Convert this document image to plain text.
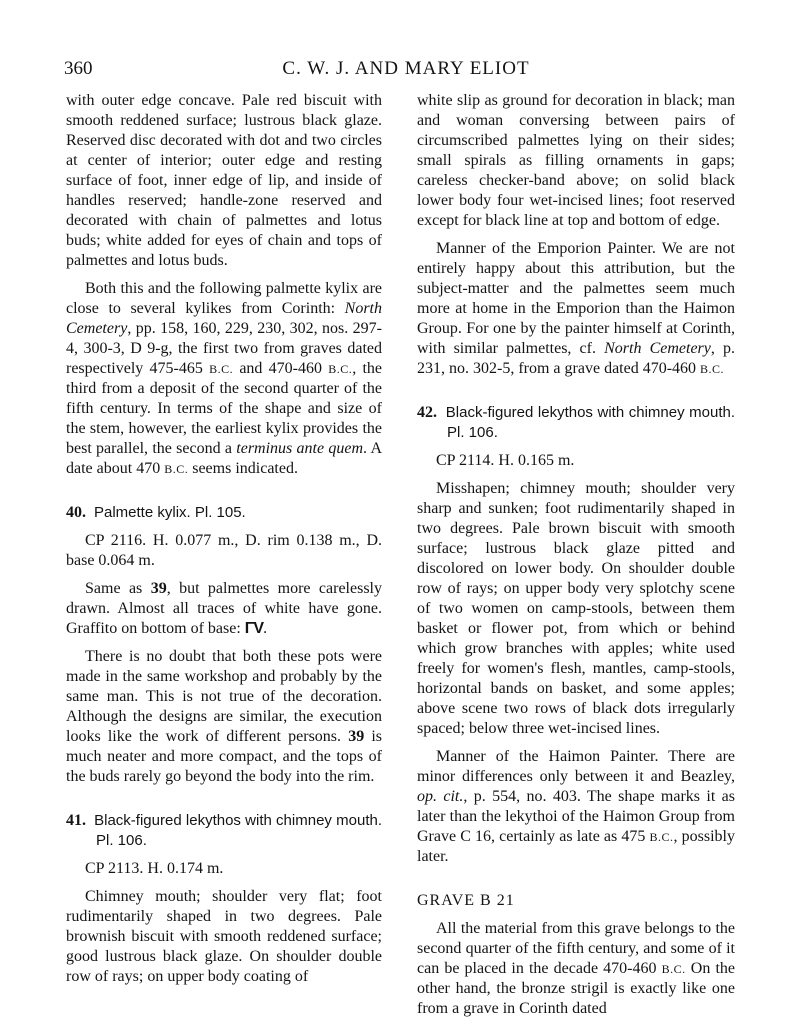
360	C. W. J. AND MARY ELIOT

with outer edge concave. Pale red biscuit with smooth reddened surface; lustrous black glaze. Reserved disc decorated with dot and two circles at center of interior; outer edge and resting surface of foot, inner edge of lip, and inside of handles reserved; handle-zone reserved and decorated with chain of palmettes and lotus buds; white added for eyes of chain and tops of palmettes and lotus buds.

Both this and the following palmette kylix are close to several kylikes from Corinth: North Cemetery, pp. 158, 160, 229, 230, 302, nos. 297-4, 300-3, D 9-g, the first two from graves dated respectively 475-465 B.C. and 470-460 B.C., the third from a deposit of the second quarter of the fifth century. In terms of the shape and size of the stem, however, the earliest kylix provides the best parallel, the second a terminus ante quem. A date about 470 B.C. seems indicated.

40. Palmette kylix. Pl. 105.

CP 2116. H. 0.077 m., D. rim 0.138 m., D. base 0.064 m.

Same as 39, but palmettes more carelessly drawn. Almost all traces of white have gone. Graffito on bottom of base: ΓV.

There is no doubt that both these pots were made in the same workshop and probably by the same man. This is not true of the decoration. Although the designs are similar, the execution looks like the work of different persons. 39 is much neater and more compact, and the tops of the buds rarely go beyond the body into the rim.

41. Black-figured lekythos with chimney mouth. Pl. 106.

CP 2113. H. 0.174 m.

Chimney mouth; shoulder very flat; foot rudimentarily shaped in two degrees. Pale brownish biscuit with smooth reddened surface; good lustrous black glaze. On shoulder double row of rays; on upper body coating of

white slip as ground for decoration in black; man and woman conversing between pairs of circumscribed palmettes lying on their sides; small spirals as filling ornaments in gaps; careless checker-band above; on solid black lower body four wet-incised lines; foot reserved except for black line at top and bottom of edge.

Manner of the Emporion Painter. We are not entirely happy about this attribution, but the subject-matter and the palmettes seem much more at home in the Emporion than the Haimon Group. For one by the painter himself at Corinth, with similar palmettes, cf. North Cemetery, p. 231, no. 302-5, from a grave dated 470-460 B.C.

42. Black-figured lekythos with chimney mouth. Pl. 106.

CP 2114. H. 0.165 m.

Misshapen; chimney mouth; shoulder very sharp and sunken; foot rudimentarily shaped in two degrees. Pale brown biscuit with smooth surface; lustrous black glaze pitted and discolored on lower body. On shoulder double row of rays; on upper body very splotchy scene of two women on camp-stools, between them basket or flower pot, from which or behind which grow branches with apples; white used freely for women's flesh, mantles, camp-stools, horizontal bands on basket, and some apples; above scene two rows of black dots irregularly spaced; below three wet-incised lines.

Manner of the Haimon Painter. There are minor differences only between it and Beazley, op. cit., p. 554, no. 403. The shape marks it as later than the lekythoi of the Haimon Group from Grave C 16, certainly as late as 475 B.C., possibly later.

GRAVE B 21

All the material from this grave belongs to the second quarter of the fifth century, and some of it can be placed in the decade 470-460 B.C. On the other hand, the bronze strigil is exactly like one from a grave in Corinth dated
